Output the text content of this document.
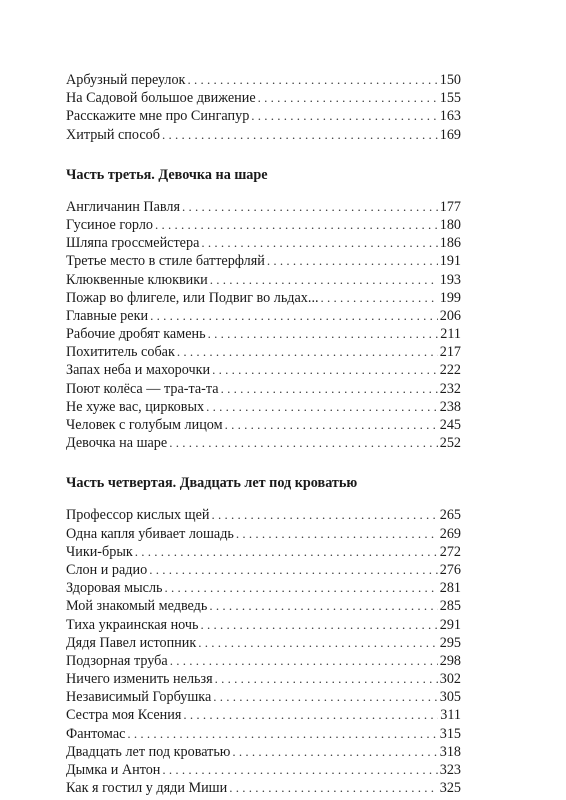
Арбузный переулок . . .	150
На Садовой большое движение . . .	155
Расскажите мне про Сингапур . . .	163
Хитрый способ . . .	169
Часть третья. Девочка на шаре
Англичанин Павля . . .	177
Гусиное горло . . .	180
Шляпа гроссмейстера . . .	186
Третье место в стиле баттерфляй . . .	191
Клюквенные клюквики . . .	193
Пожар во флигеле, или Подвиг во льдах... . . .	199
Главные реки . . .	206
Рабочие дробят камень . . .	211
Похититель собак . . .	217
Запах неба и махорочки . . .	222
Поют колёса — тра-та-та . . .	232
Не хуже вас, цирковых . . .	238
Человек с голубым лицом . . .	245
Девочка на шаре . . .	252
Часть четвертая. Двадцать лет под кроватью
Профессор кислых щей . . .	265
Одна капля убивает лошадь . . .	269
Чики-брык . . .	272
Слон и радио . . .	276
Здоровая мысль . . .	281
Мой знакомый медведь . . .	285
Тиха украинская ночь . . .	291
Дядя Павел истопник . . .	295
Подзорная труба . . .	298
Ничего изменить нельзя . . .	302
Независимый Горбушка . . .	305
Сестра моя Ксения . . .	311
Фантомас . . .	315
Двадцать лет под кроватью . . .	318
Дымка и Антон . . .	323
Как я гостил у дяди Миши . . .	325
